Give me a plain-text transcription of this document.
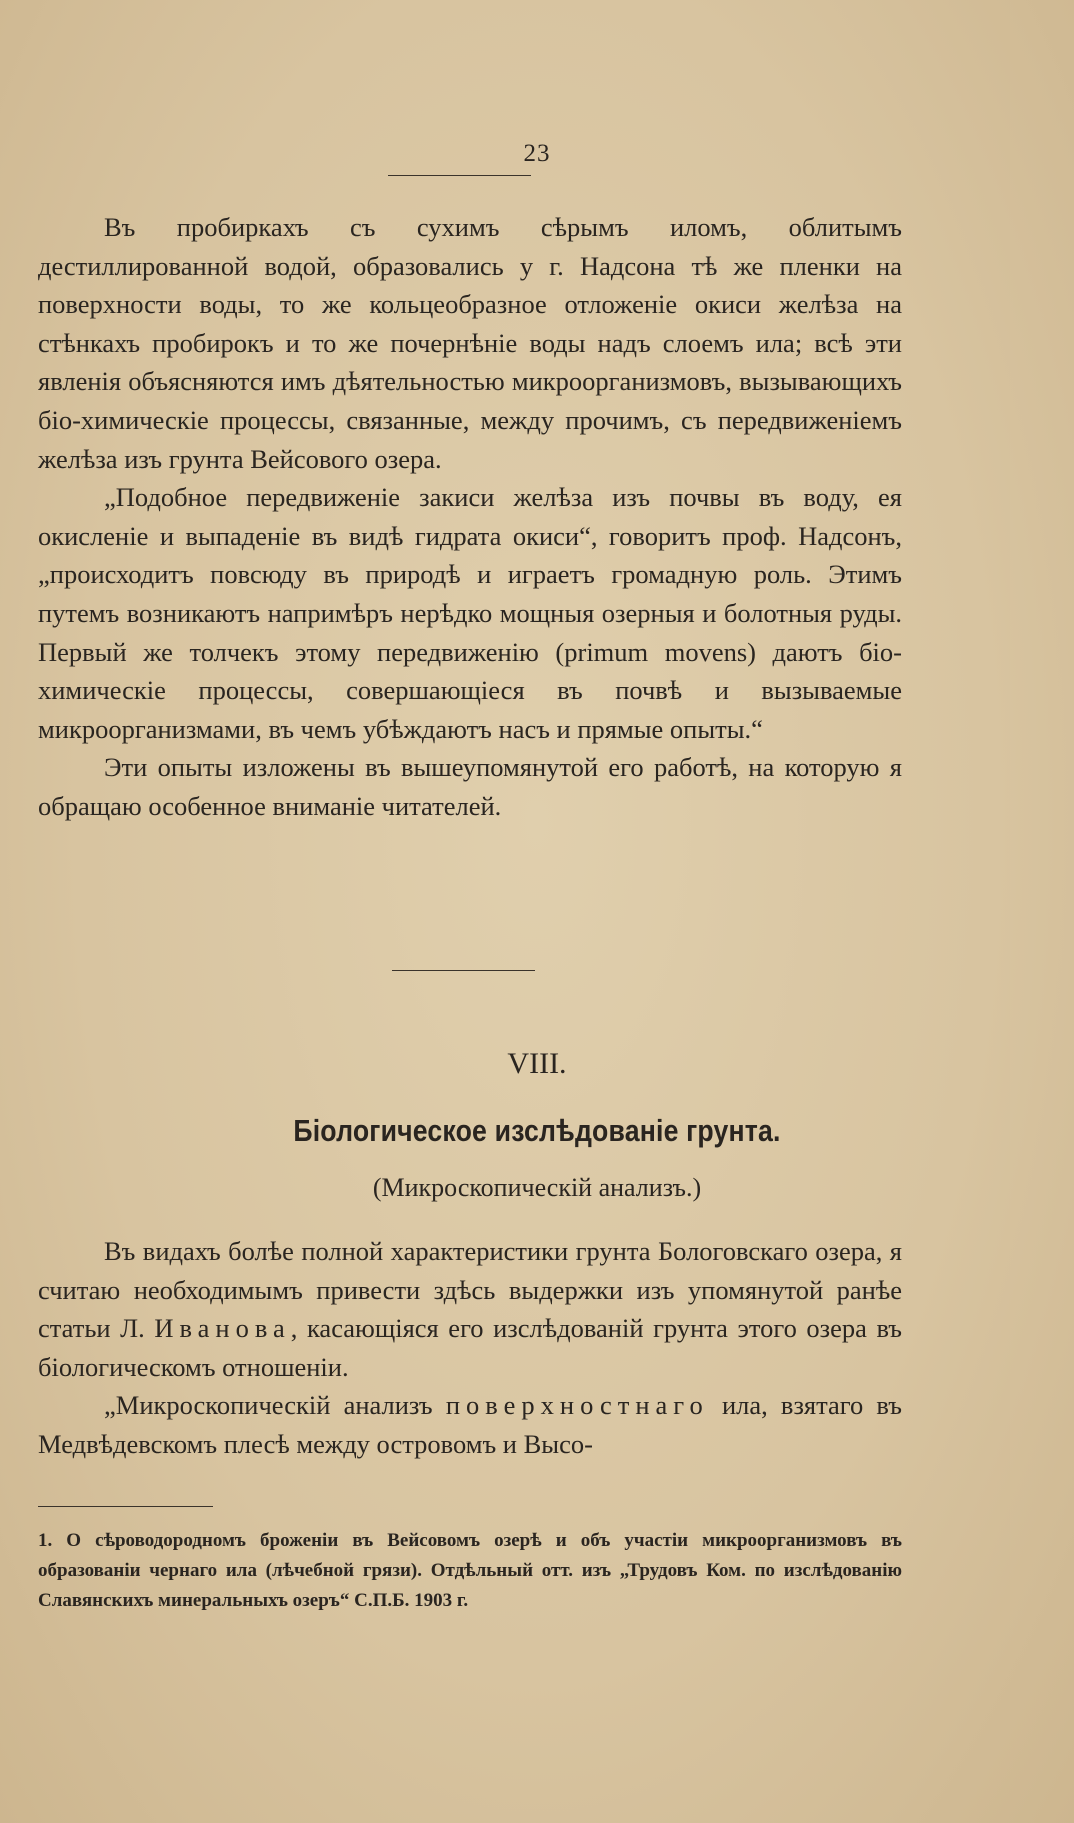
23

Въ пробиркахъ съ сухимъ сѣрымъ иломъ, облитымъ дестиллированной водой, образовались у г. Надсона тѣ же пленки на поверхности воды, то же кольцеобразное отложеніе окиси желѣза на стѣнкахъ пробирокъ и то же почернѣніе воды надъ слоемъ ила; всѣ эти явленія объясняются имъ дѣятельностью микроорганизмовъ, вызывающихъ біо-химическіе процессы, связанные, между прочимъ, съ передвиженіемъ желѣза изъ грунта Вейсового озера.

„Подобное передвиженіе закиси желѣза изъ почвы въ воду, ея окисленіе и выпаденіе въ видѣ гидрата окиси“, говоритъ проф. Надсонъ, „происходитъ повсюду въ природѣ и играетъ громадную роль. Этимъ путемъ возникаютъ напримѣръ нерѣдко мощныя озерныя и болотныя руды. Первый же толчекъ этому передвиженію (primum movens) даютъ біо-химическіе процессы, совершающіеся въ почвѣ и вызываемые микроорганизмами, въ чемъ убѣждаютъ насъ и прямые опыты.“

Эти опыты изложены въ вышеупомянутой его работѣ, на которую я обращаю особенное вниманіе читателей.

VIII.
Біологическое изслѣдованіе грунта.
(Микроскопическій анализъ.)

Въ видахъ болѣе полной характеристики грунта Бологовскаго озера, я считаю необходимымъ привести здѣсь выдержки изъ упомянутой ранѣе статьи Л. Иванова, касающіяся его изслѣдованій грунта этого озера въ біологическомъ отношеніи.

„Микроскопическій анализъ поверхностнаго ила, взятаго въ Медвѣдевскомъ плесѣ между островомъ и Высо-

1. О сѣроводородномъ броженіи въ Вейсовомъ озерѣ и объ участіи микроорганизмовъ въ образованіи чернаго ила (лѣчебной грязи). Отдѣльный отт. изъ „Трудовъ Ком. по изслѣдованію Славянскихъ минеральныхъ озеръ“ С.П.Б. 1903 г.
